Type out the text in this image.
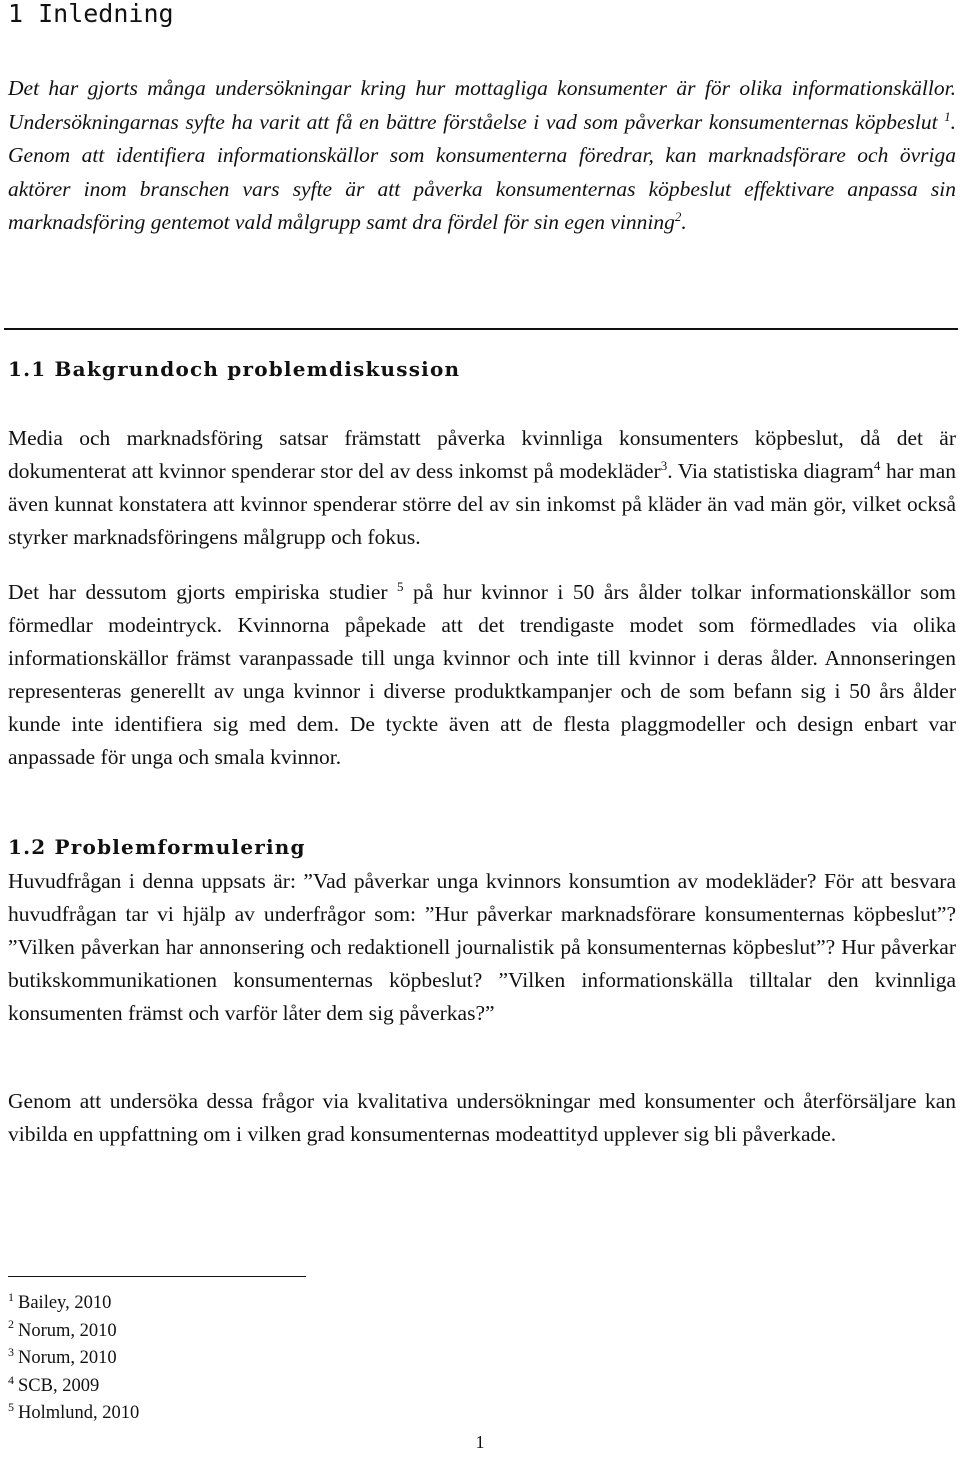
1 Inledning

Det har gjorts många undersökningar kring hur mottagliga konsumenter är för olika informationskällor. Undersökningarnas syfte ha varit att få en bättre förståelse i vad som påverkar konsumenternas köpbeslut $^1$. Genom att identifiera informationskällor som konsumenterna föredrar, kan marknadsförare och övriga aktörer inom branschen vars syfte är att påverka konsumenternas köpbeslut effektivare anpassa sin marknadsföring gentemot vald målgrupp samt dra fördel för sin egen vinning$^2$.

1.1 Bakgrundoch problemdiskussion

Media och marknadsföring satsar främstatt påverka kvinnliga konsumenters köpbeslut, då det är dokumenterat att kvinnor spenderar stor del av dess inkomst på modekläder$^3$. Via statistiska diagram$^4$ har man även kunnat konstatera att kvinnor spenderar större del av sin inkomst på kläder än vad män gör, vilket också styrker marknadsföringens målgrupp och fokus.

Det har dessutom gjorts empiriska studier $^5$ på hur kvinnor i 50 års ålder tolkar informationskällor som förmedlar modeintryck. Kvinnorna påpekade att det trendigaste modet som förmedlades via olika informationskällor främst varanpassade till unga kvinnor och inte till kvinnor i deras ålder. Annonseringen representeras generellt av unga kvinnor i diverse produktkampanjer och de som befann sig i 50 års ålder kunde inte identifiera sig med dem. De tyckte även att de flesta plaggmodeller och design enbart var anpassade för unga och smala kvinnor.

1.2 Problemformulering

Huvudfrågan i denna uppsats är: ”Vad påverkar unga kvinnors konsumtion av modekläder? För att besvara huvudfrågan tar vi hjälp av underfrågor som: ”Hur påverkar marknadsförare konsumenternas köpbeslut”? ”Vilken påverkan har annonsering och redaktionell journalistik på konsumenternas köpbeslut”? Hur påverkar butikskommunikationen konsumenternas köpbeslut? ”Vilken informationskälla tilltalar den kvinnliga konsumenten främst och varför låter dem sig påverkas?”

Genom att undersöka dessa frågor via kvalitativa undersökningar med konsumenter och återförsäljare kan vibilda en uppfattning om i vilken grad konsumenternas modeattityd upplever sig bli påverkade.

$^1$ Bailey, 2010
$^2$ Norum, 2010
$^3$ Norum, 2010
$^4$ SCB, 2009
$^5$ Holmlund, 2010
1
